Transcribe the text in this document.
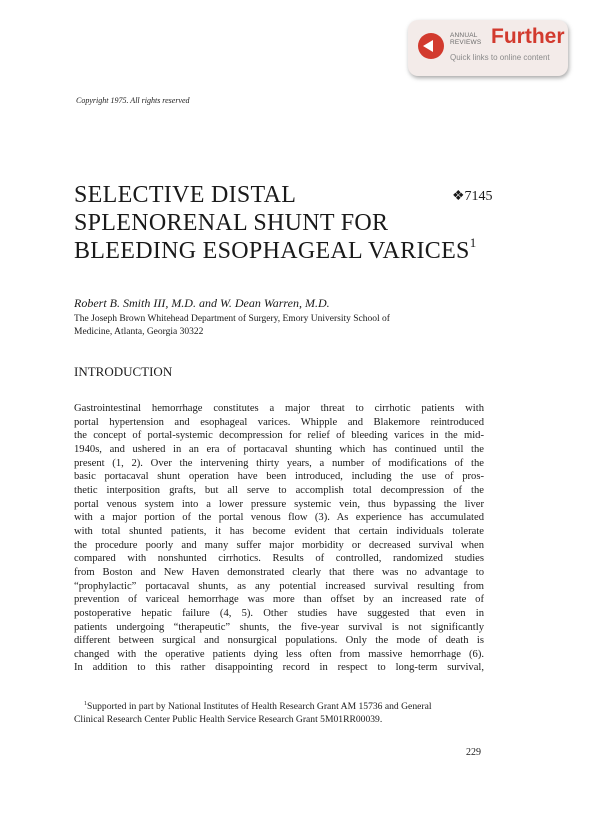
ANNUAL
REVIEWS Further
Quick links to online content
Copyright 1975. All rights reserved
SELECTIVE DISTAL
SPLENORENAL SHUNT FOR
BLEEDING ESOPHAGEAL VARICES$^1$
❖7145
Robert B. Smith III, M.D. and W. Dean Warren, M.D.
The Joseph Brown Whitehead Department of Surgery, Emory University School of
Medicine, Atlanta, Georgia 30322
INTRODUCTION
Gastrointestinal hemorrhage constitutes a major threat to cirrhotic patients with
portal hypertension and esophageal varices. Whipple and Blakemore reintroduced
the concept of portal-systemic decompression for relief of bleeding varices in the mid-
1940s, and ushered in an era of portacaval shunting which has continued until the
present (1, 2). Over the intervening thirty years, a number of modifications of the
basic portacaval shunt operation have been introduced, including the use of pros-
thetic interposition grafts, but all serve to accomplish total decompression of the
portal venous system into a lower pressure systemic vein, thus bypassing the liver
with a major portion of the portal venous flow (3). As experience has accumulated
with total shunted patients, it has become evident that certain individuals tolerate
the procedure poorly and many suffer major morbidity or decreased survival when
compared with nonshunted cirrhotics. Results of controlled, randomized studies
from Boston and New Haven demonstrated clearly that there was no advantage to
“prophylactic” portacaval shunts, as any potential increased survival resulting from
prevention of variceal hemorrhage was more than offset by an increased rate of
postoperative hepatic failure (4, 5). Other studies have suggested that even in
patients undergoing “therapeutic” shunts, the five-year survival is not significantly
different between surgical and nonsurgical populations. Only the mode of death is
changed with the operative patients dying less often from massive hemorrhage (6).
In addition to this rather disappointing record in respect to long-term survival,
$^1$Supported in part by National Institutes of Health Research Grant AM 15736 and General
Clinical Research Center Public Health Service Research Grant 5M01RR00039.
229
